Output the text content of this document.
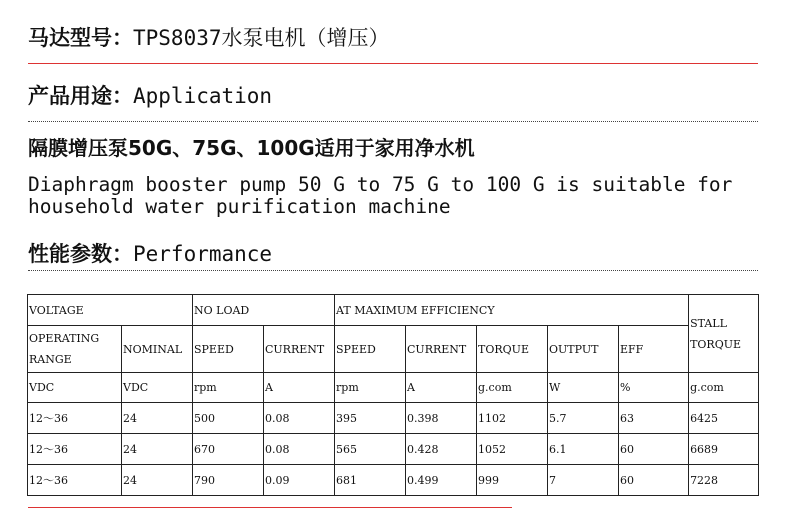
马达型号：TPS8037水泵电机（增压）
产品用途：Application
隔膜增压泵50G、75G、100G适用于家用净水机
Diaphragm booster pump 50 G to 75 G to 100 G is suitable for household water purification machine
性能参数：Performance
VOLTAGE		NO LOAD		AT MAXIMUM EFFICIENCY					STALL TORQUE
OPERATING RANGE	NOMINAL	SPEED	CURRENT	SPEED	CURRENT	TORQUE	OUTPUT	EFF	
VDC	VDC	rpm	A	rpm	A	g.com	W	%	g.com
12～36	24	500	0.08	395	0.398	1102	5.7	63	6425
12～36	24	670	0.08	565	0.428	1052	6.1	60	6689
12～36	24	790	0.09	681	0.499	999	7	60	7228
